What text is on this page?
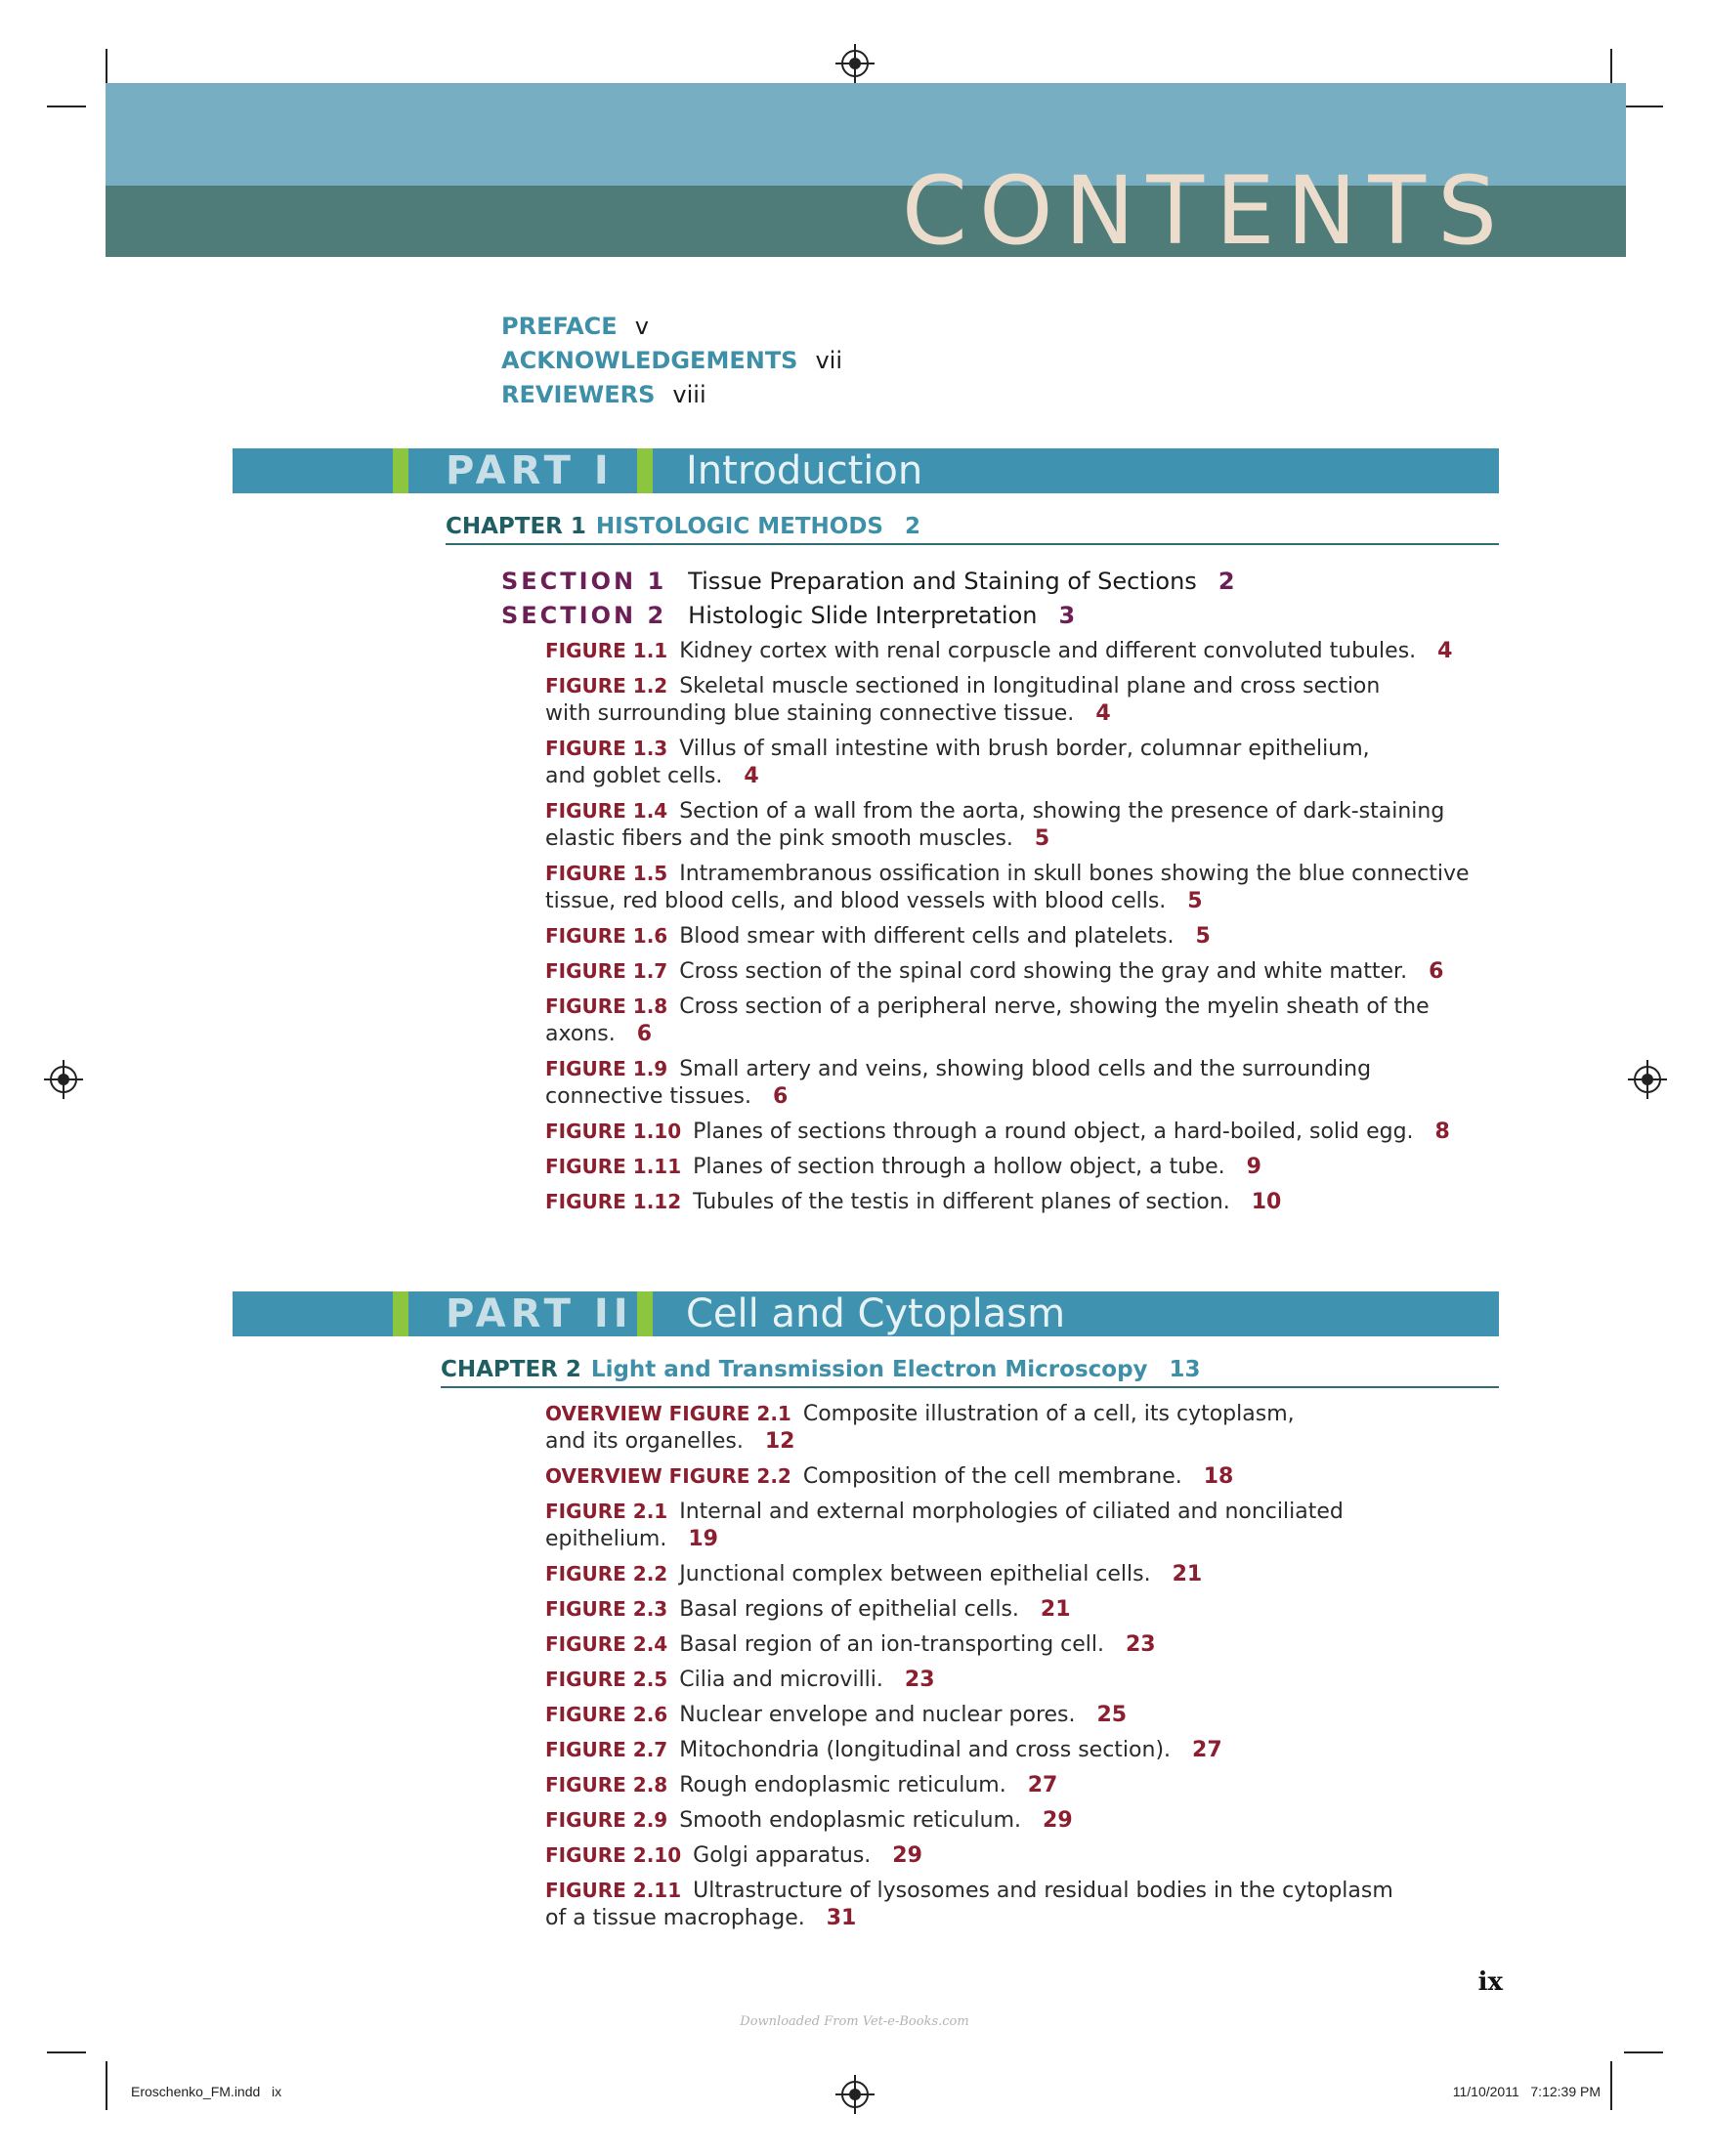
CONTENTS
PREFACE v
ACKNOWLEDGEMENTS vii
REVIEWERS viii
PART I Introduction
CHAPTER 1 HISTOLOGIC METHODS 2
SECTION 1 Tissue Preparation and Staining of Sections 2
SECTION 2 Histologic Slide Interpretation 3
FIGURE 1.1 Kidney cortex with renal corpuscle and different convoluted tubules. 4
FIGURE 1.2 Skeletal muscle sectioned in longitudinal plane and cross section
with surrounding blue staining connective tissue. 4
FIGURE 1.3 Villus of small intestine with brush border, columnar epithelium,
and goblet cells. 4
FIGURE 1.4 Section of a wall from the aorta, showing the presence of dark-staining
elastic fibers and the pink smooth muscles. 5
FIGURE 1.5 Intramembranous ossification in skull bones showing the blue connective
tissue, red blood cells, and blood vessels with blood cells. 5
FIGURE 1.6 Blood smear with different cells and platelets. 5
FIGURE 1.7 Cross section of the spinal cord showing the gray and white matter. 6
FIGURE 1.8 Cross section of a peripheral nerve, showing the myelin sheath of the
axons. 6
FIGURE 1.9 Small artery and veins, showing blood cells and the surrounding
connective tissues. 6
FIGURE 1.10 Planes of sections through a round object, a hard-boiled, solid egg. 8
FIGURE 1.11 Planes of section through a hollow object, a tube. 9
FIGURE 1.12 Tubules of the testis in different planes of section. 10
PART II Cell and Cytoplasm
CHAPTER 2 Light and Transmission Electron Microscopy 13
OVERVIEW FIGURE 2.1 Composite illustration of a cell, its cytoplasm,
and its organelles. 12
OVERVIEW FIGURE 2.2 Composition of the cell membrane. 18
FIGURE 2.1 Internal and external morphologies of ciliated and nonciliated
epithelium. 19
FIGURE 2.2 Junctional complex between epithelial cells. 21
FIGURE 2.3 Basal regions of epithelial cells. 21
FIGURE 2.4 Basal region of an ion-transporting cell. 23
FIGURE 2.5 Cilia and microvilli. 23
FIGURE 2.6 Nuclear envelope and nuclear pores. 25
FIGURE 2.7 Mitochondria (longitudinal and cross section). 27
FIGURE 2.8 Rough endoplasmic reticulum. 27
FIGURE 2.9 Smooth endoplasmic reticulum. 29
FIGURE 2.10 Golgi apparatus. 29
FIGURE 2.11 Ultrastructure of lysosomes and residual bodies in the cytoplasm
of a tissue macrophage. 31
ix
Downloaded From Vet-e-Books.com
Eroschenko_FM.indd   ix	11/10/2011   7:12:39 PM
